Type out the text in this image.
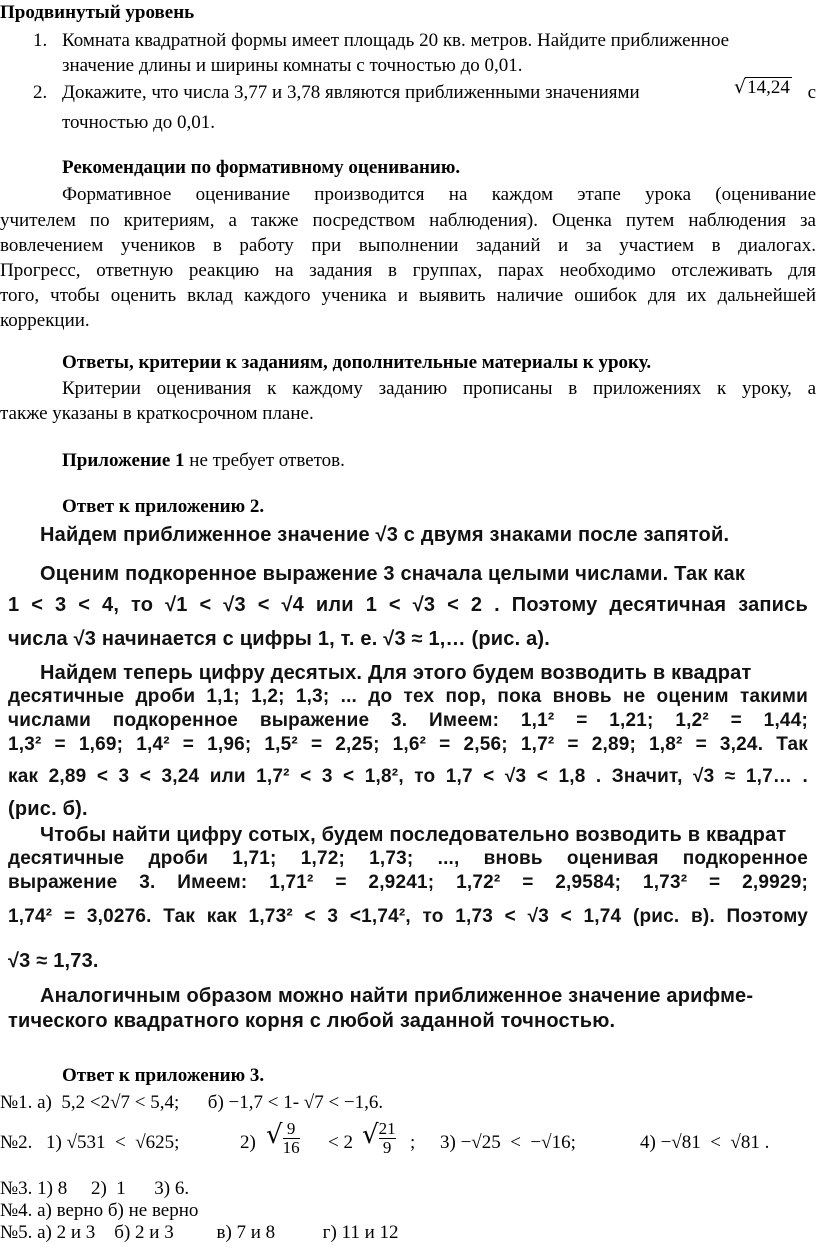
Продвинутый уровень
1. Комната квадратной формы имеет площадь 20 кв. метров. Найдите приближенное
значение длины и ширины комнаты с точностью до 0,01.
2. Докажите, что числа 3,77 и 3,78 являются приближенными значениями	√14,24 с
точностью до 0,01.
Рекомендации по формативному оцениванию.
Формативное оценивание производится на каждом этапе урока (оценивание
учителем по критериям, а также посредством наблюдения). Оценка путем наблюдения за
вовлечением учеников в работу при выполнении заданий и за участием в диалогах.
Прогресс, ответную реакцию на задания в группах, парах необходимо отслеживать для
того, чтобы оценить вклад каждого ученика и выявить наличие ошибок для их дальнейшей
коррекции.
Ответы, критерии к заданиям, дополнительные материалы к уроку.
Критерии оценивания к каждому заданию прописаны в приложениях к уроку, а
также указаны в краткосрочном плане.
Приложение 1 не требует ответов.
Ответ к приложению 2.
Найдем приближенное значение √3 с двумя знаками после запятой.
Оценим подкоренное выражение 3 сначала целыми числами. Так как
1 < 3 < 4, то √1 < √3 < √4 или 1 < √3 < 2 . Поэтому десятичная запись
числа √3 начинается с цифры 1, т. е. √3 ≈ 1,… (рис. а).
Найдем теперь цифру десятых. Для этого будем возводить в квадрат
десятичные дроби 1,1; 1,2; 1,3; ... до тех пор, пока вновь не оценим такими
числами подкоренное выражение 3. Имеем: 1,1² = 1,21; 1,2² = 1,44;
1,3² = 1,69; 1,4² = 1,96; 1,5² = 2,25; 1,6² = 2,56; 1,7² = 2,89; 1,8² = 3,24. Так
как 2,89 < 3 < 3,24 или 1,7² < 3 < 1,8², то 1,7 < √3 < 1,8 . Значит, √3 ≈ 1,7… .
(рис. б).
Чтобы найти цифру сотых, будем последовательно возводить в квадрат
десятичные дроби 1,71; 1,72; 1,73; ..., вновь оценивая подкоренное
выражение 3. Имеем: 1,71² = 2,9241; 1,72² = 2,9584; 1,73² = 2,9929;
1,74² = 3,0276. Так как 1,73² < 3 <1,74², то 1,73 < √3 < 1,74 (рис. в). Поэтому
√3 ≈ 1,73.
Аналогичным образом можно найти приближенное значение арифме-
тического квадратного корня с любой заданной точностью.
Ответ к приложению 3.
№1. а)  5,2 <2√7 < 5,4;      б) −1,7 < 1- √7 < −1,6.
№2. 1) √531  <  √625;	2) √ $\frac{9}{16} < 2$ √ $\frac{21}{9}$ ; 3) −√25  <  −√16;	4) −√81  <  √81 .
№3. 1) 8     2)  1      3) 6.
№4. а) верно б) не верно
№5. а) 2 и 3    б) 2 и 3         в) 7 и 8          г) 11 и 12
